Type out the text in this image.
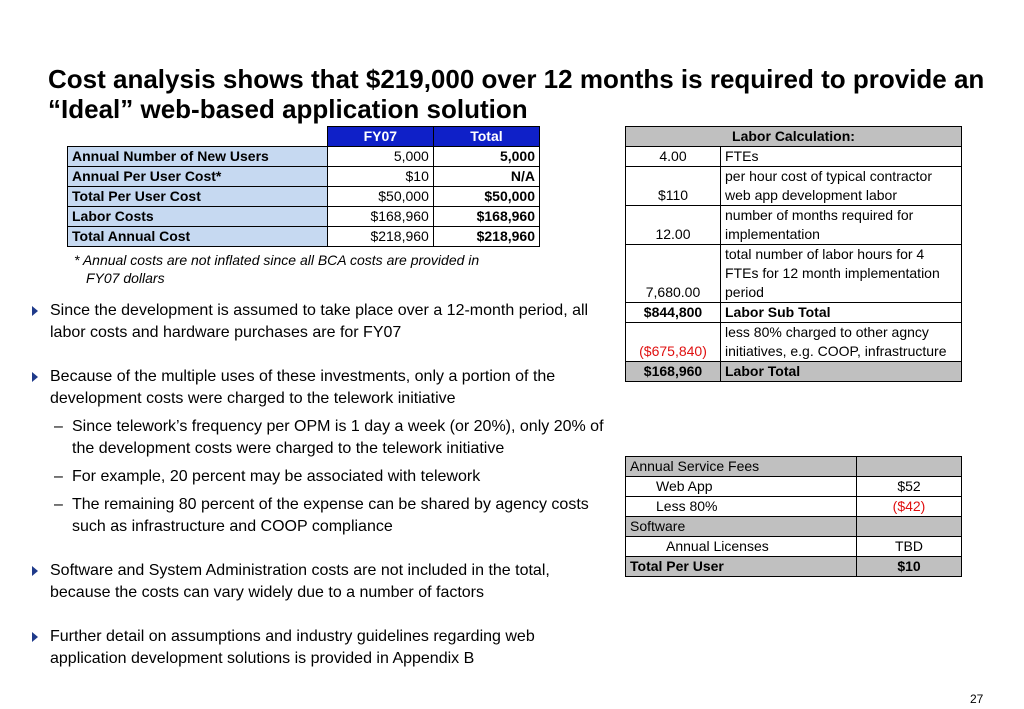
Cost analysis shows that $219,000 over 12 months is required to provide an “Ideal” web-based application solution
	FY07	Total
Annual Number of New Users	5,000	5,000
Annual Per User Cost*	$10	N/A
Total Per User Cost	$50,000	$50,000
Labor Costs	$168,960	$168,960
Total Annual Cost	$218,960	$218,960
* Annual costs are not inflated since all BCA costs are provided in
FY07 dollars

Since the development is assumed to take place over a 12-month period, all labor costs and hardware purchases are for FY07

Because of the multiple uses of these investments, only a portion of the development costs were charged to the telework initiative

– Since telework’s frequency per OPM is 1 day a week (or 20%), only 20% of the development costs were charged to the telework initiative

– For example, 20 percent may be associated with telework

– The remaining 80 percent of the expense can be shared by agency costs such as infrastructure and COOP compliance

Software and System Administration costs are not included in the total, because the costs can vary widely due to a number of factors

Further detail on assumptions and industry guidelines regarding web application development solutions is provided in Appendix B

Labor Calculation:	
4.00	FTEs
$110	per hour cost of typical contractor web app development labor
12.00	number of months required for implementation
7,680.00	total number of labor hours for 4 FTEs for 12 month implementation period
$844,800	Labor Sub Total
($675,840)	less 80% charged to other agncy initiatives, e.g. COOP, infrastructure
$168,960	Labor Total
Annual Service Fees	
Web App	$52
Less 80%	($42)
Software	
Annual Licenses	TBD
Total Per User	$10
27
